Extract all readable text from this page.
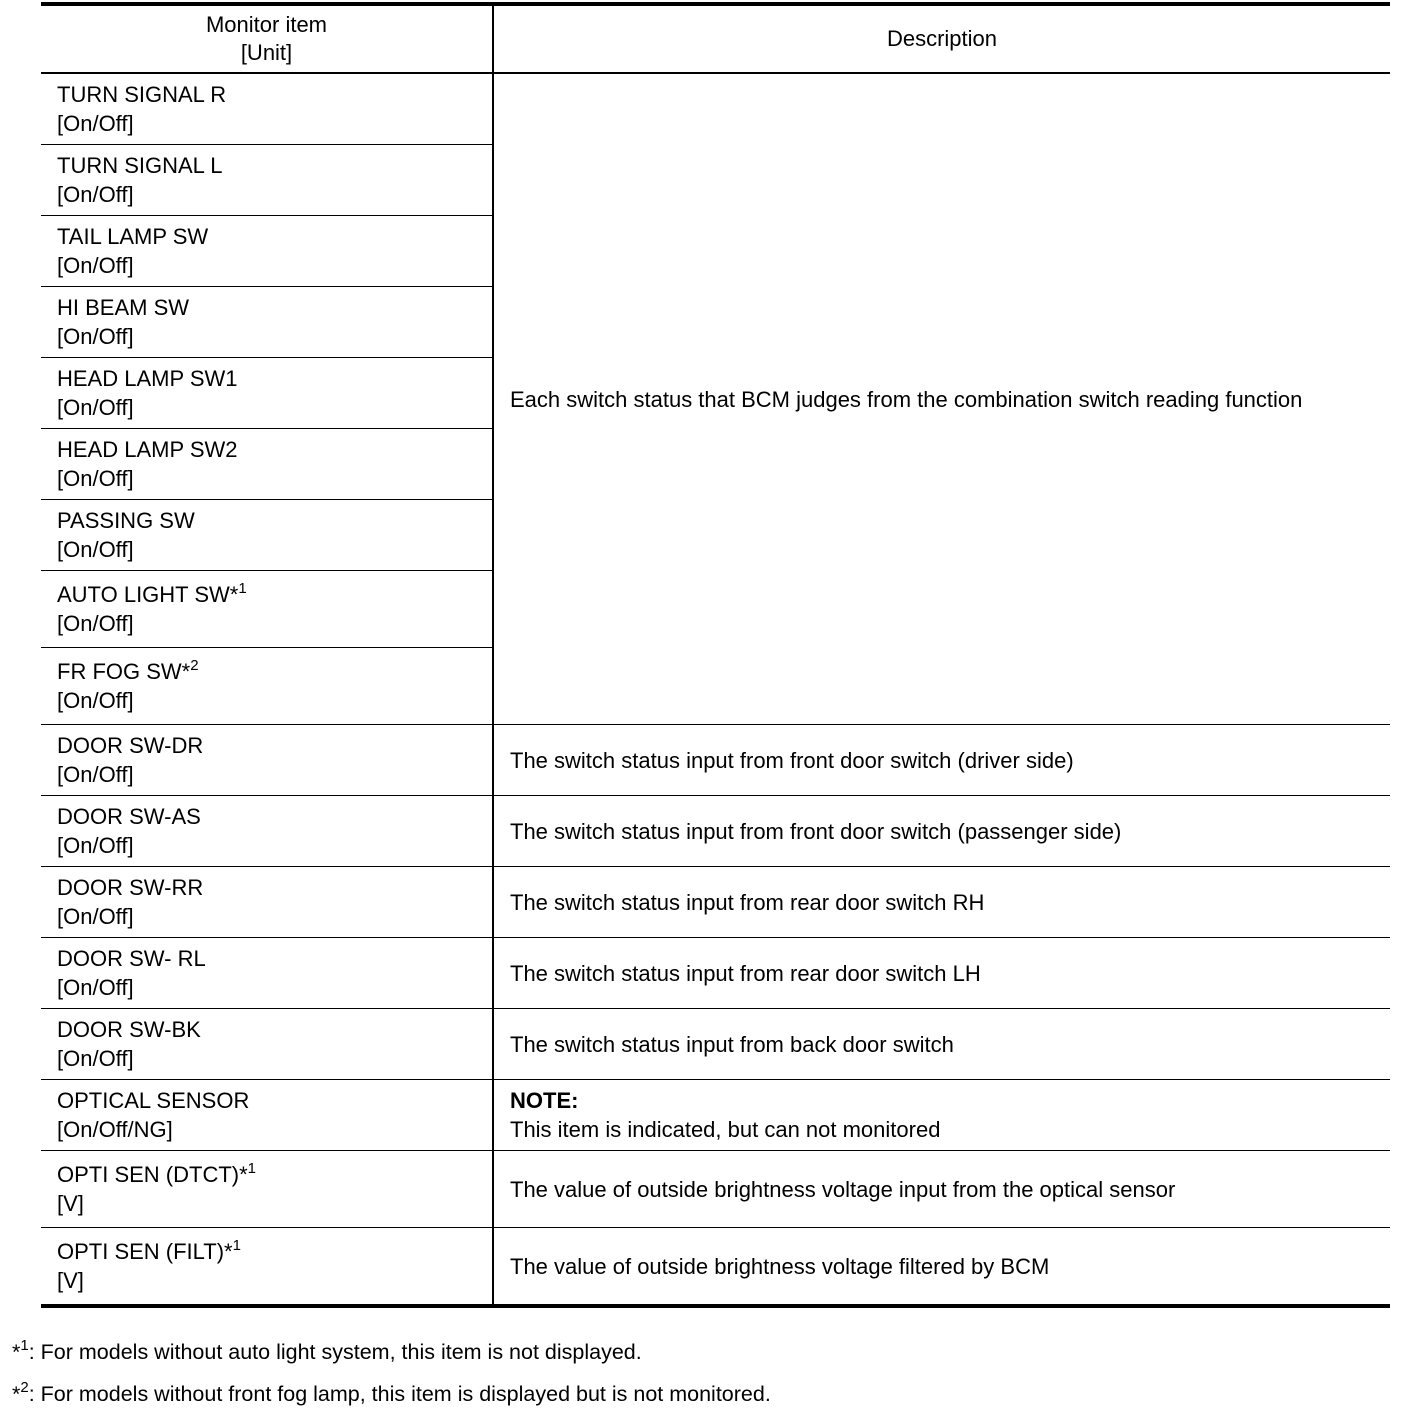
Monitor item
[Unit]	Description

TURN SIGNAL R
[On/Off]	Each switch status that BCM judges from the combination switch reading function

TURN SIGNAL L
[On/Off]	

TAIL LAMP SW
[On/Off]	

HI BEAM SW
[On/Off]	

HEAD LAMP SW1
[On/Off]	

HEAD LAMP SW2
[On/Off]	

PASSING SW
[On/Off]	

AUTO LIGHT SW*$^1$
[On/Off]	

FR FOG SW*$^2$
[On/Off]	

DOOR SW-DR
[On/Off]	The switch status input from front door switch (driver side)

DOOR SW-AS
[On/Off]	The switch status input from front door switch (passenger side)

DOOR SW-RR
[On/Off]	The switch status input from rear door switch RH

DOOR SW- RL
[On/Off]	The switch status input from rear door switch LH

DOOR SW-BK
[On/Off]	The switch status input from back door switch

OPTICAL SENSOR
[On/Off/NG]	NOTE:
This item is indicated, but can not monitored

OPTI SEN (DTCT)*$^1$
[V]	The value of outside brightness voltage input from the optical sensor

OPTI SEN (FILT)*$^1$
[V]	The value of outside brightness voltage filtered by BCM
*$^1$: For models without auto light system, this item is not displayed.
*$^2$: For models without front fog lamp, this item is displayed but is not monitored.
